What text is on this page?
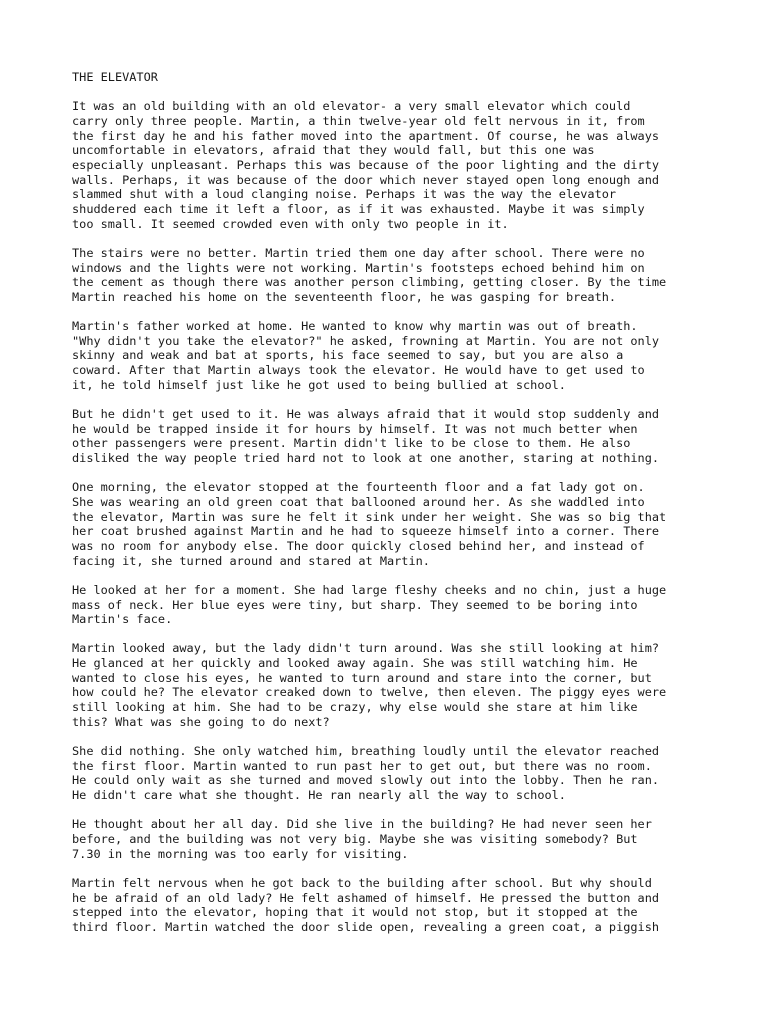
THE ELEVATOR

It was an old building with an old elevator- a very small elevator which could
carry only three people. Martin, a thin twelve-year old felt nervous in it, from
the first day he and his father moved into the apartment. Of course, he was always
uncomfortable in elevators, afraid that they would fall, but this one was
especially unpleasant. Perhaps this was because of the poor lighting and the dirty
walls. Perhaps, it was because of the door which never stayed open long enough and
slammed shut with a loud clanging noise. Perhaps it was the way the elevator
shuddered each time it left a floor, as if it was exhausted. Maybe it was simply
too small. It seemed crowded even with only two people in it.

The stairs were no better. Martin tried them one day after school. There were no
windows and the lights were not working. Martin's footsteps echoed behind him on
the cement as though there was another person climbing, getting closer. By the time
Martin reached his home on the seventeenth floor, he was gasping for breath.

Martin's father worked at home. He wanted to know why martin was out of breath.
"Why didn't you take the elevator?" he asked, frowning at Martin. You are not only
skinny and weak and bat at sports, his face seemed to say, but you are also a
coward. After that Martin always took the elevator. He would have to get used to
it, he told himself just like he got used to being bullied at school.

But he didn't get used to it. He was always afraid that it would stop suddenly and
he would be trapped inside it for hours by himself. It was not much better when
other passengers were present. Martin didn't like to be close to them. He also
disliked the way people tried hard not to look at one another, staring at nothing.

One morning, the elevator stopped at the fourteenth floor and a fat lady got on.
She was wearing an old green coat that ballooned around her. As she waddled into
the elevator, Martin was sure he felt it sink under her weight. She was so big that
her coat brushed against Martin and he had to squeeze himself into a corner. There
was no room for anybody else. The door quickly closed behind her, and instead of
facing it, she turned around and stared at Martin.

He looked at her for a moment. She had large fleshy cheeks and no chin, just a huge
mass of neck. Her blue eyes were tiny, but sharp. They seemed to be boring into
Martin's face.

Martin looked away, but the lady didn't turn around. Was she still looking at him?
He glanced at her quickly and looked away again. She was still watching him. He
wanted to close his eyes, he wanted to turn around and stare into the corner, but
how could he? The elevator creaked down to twelve, then eleven. The piggy eyes were
still looking at him. She had to be crazy, why else would she stare at him like
this? What was she going to do next?

She did nothing. She only watched him, breathing loudly until the elevator reached
the first floor. Martin wanted to run past her to get out, but there was no room.
He could only wait as she turned and moved slowly out into the lobby. Then he ran.
He didn't care what she thought. He ran nearly all the way to school.

He thought about her all day. Did she live in the building? He had never seen her
before, and the building was not very big. Maybe she was visiting somebody? But
7.30 in the morning was too early for visiting.

Martin felt nervous when he got back to the building after school. But why should
he be afraid of an old lady? He felt ashamed of himself. He pressed the button and
stepped into the elevator, hoping that it would not stop, but it stopped at the
third floor. Martin watched the door slide open, revealing a green coat, a piggish
